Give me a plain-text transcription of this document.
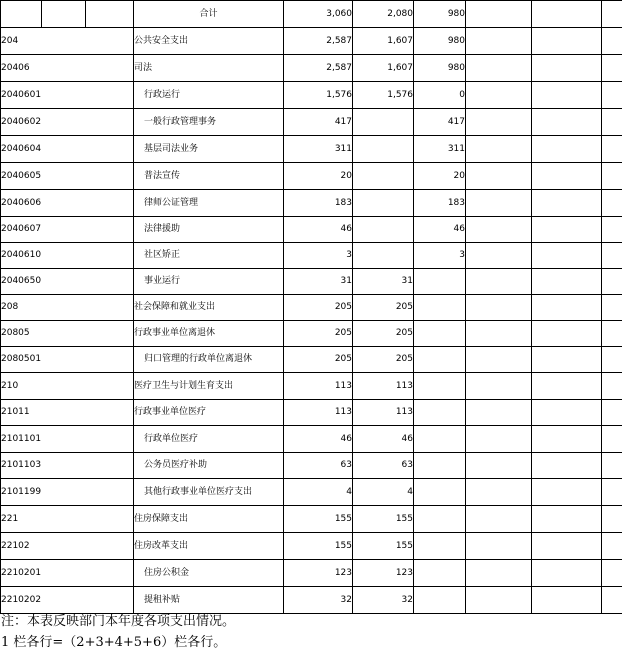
			合计	3,060	2,080	980				
204			公共安全支出	2,587	1,607	980				
20406			司法	2,587	1,607	980				
2040601			行政运行	1,576	1,576	0				
2040602			一般行政管理事务	417		417				
2040604			基层司法业务	311		311				
2040605			普法宣传	20		20				
2040606			律师公证管理	183		183				
2040607			法律援助	46		46				
2040610			社区矫正	3		3				
2040650			事业运行	31	31					
208			社会保障和就业支出	205	205					
20805			行政事业单位离退休	205	205					
2080501			归口管理的行政单位离退休	205	205					
210			医疗卫生与计划生育支出	113	113					
21011			行政事业单位医疗	113	113					
2101101			行政单位医疗	46	46					
2101103			公务员医疗补助	63	63					
2101199			其他行政事业单位医疗支出	4	4					
221			住房保障支出	155	155					
22102			住房改革支出	155	155					
2210201			住房公积金	123	123					
2210202			提租补贴	32	32					
注：本表反映部门本年度各项支出情况。
1 栏各行=（2+3+4+5+6）栏各行。
